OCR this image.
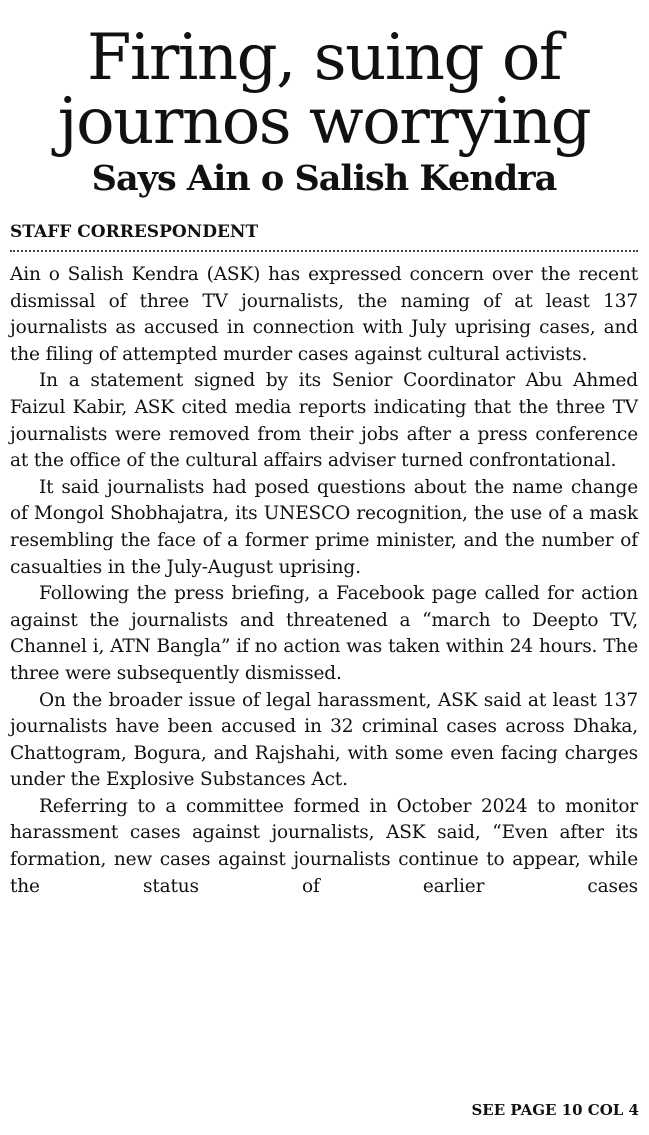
Firing, suing of
journos worrying
Says Ain o Salish Kendra
STAFF CORRESPONDENT

Ain o Salish Kendra (ASK) has expressed concern over the recent dismissal of three TV journalists, the naming of at least 137 journalists as accused in connection with July uprising cases, and the filing of attempted murder cases against cultural activists.

In a statement signed by its Senior Coordinator Abu Ahmed Faizul Kabir, ASK cited media reports indicating that the three TV journalists were removed from their jobs after a press conference at the office of the cultural affairs adviser turned confrontational.

It said journalists had posed questions about the name change of Mongol Shobhajatra, its UNESCO recognition, the use of a mask resembling the face of a former prime minister, and the number of casualties in the July-August uprising.

Following the press briefing, a Facebook page called for action against the journalists and threatened a “march to Deepto TV, Channel i, ATN Bangla” if no action was taken within 24 hours. The three were subsequently dismissed.

On the broader issue of legal harassment, ASK said at least 137 journalists have been accused in 32 criminal cases across Dhaka, Chattogram, Bogura, and Rajshahi, with some even facing charges under the Explosive Substances Act.

Referring to a committee formed in October 2024 to monitor harassment cases against journalists, ASK said, “Even after its formation, new cases against journalists continue to appear, while the status of earlier cases

SEE PAGE 10 COL 4
